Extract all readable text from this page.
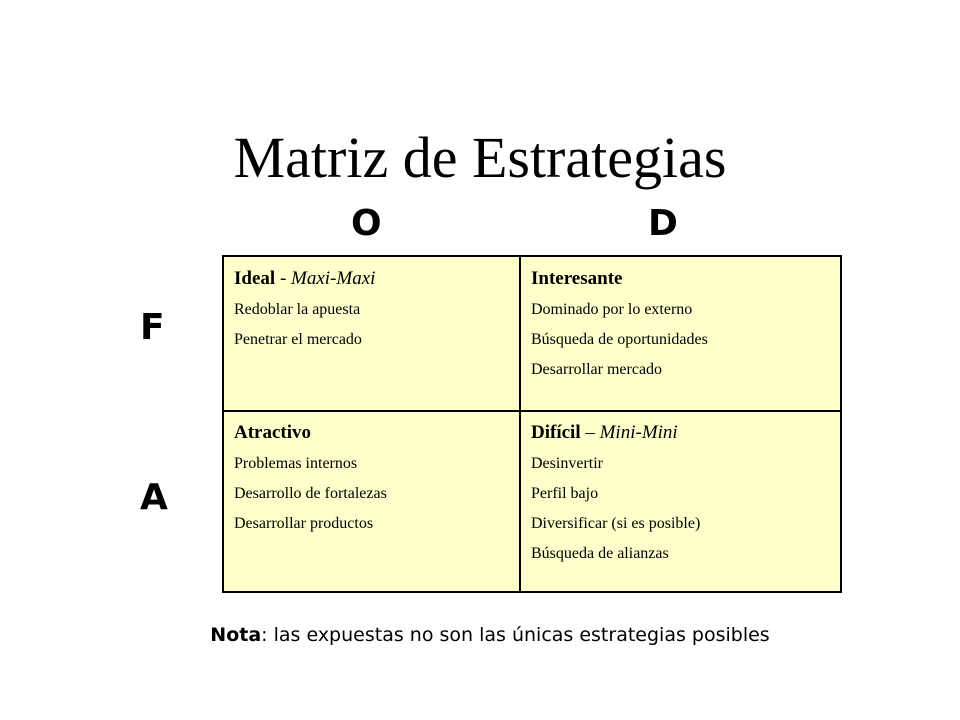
Matriz de Estrategias
O	D
F
A
Ideal - Maxi-Maxi
Redoblar la apuesta
Penetrar el mercado
Interesante
Dominado por lo externo
Búsqueda de oportunidades
Desarrollar mercado
Atractivo
Problemas internos
Desarrollo de fortalezas
Desarrollar productos
Difícil – Mini-Mini
Desinvertir
Perfil bajo
Diversificar (si es posible)
Búsqueda de alianzas
Nota: las expuestas no son las únicas estrategias posibles
